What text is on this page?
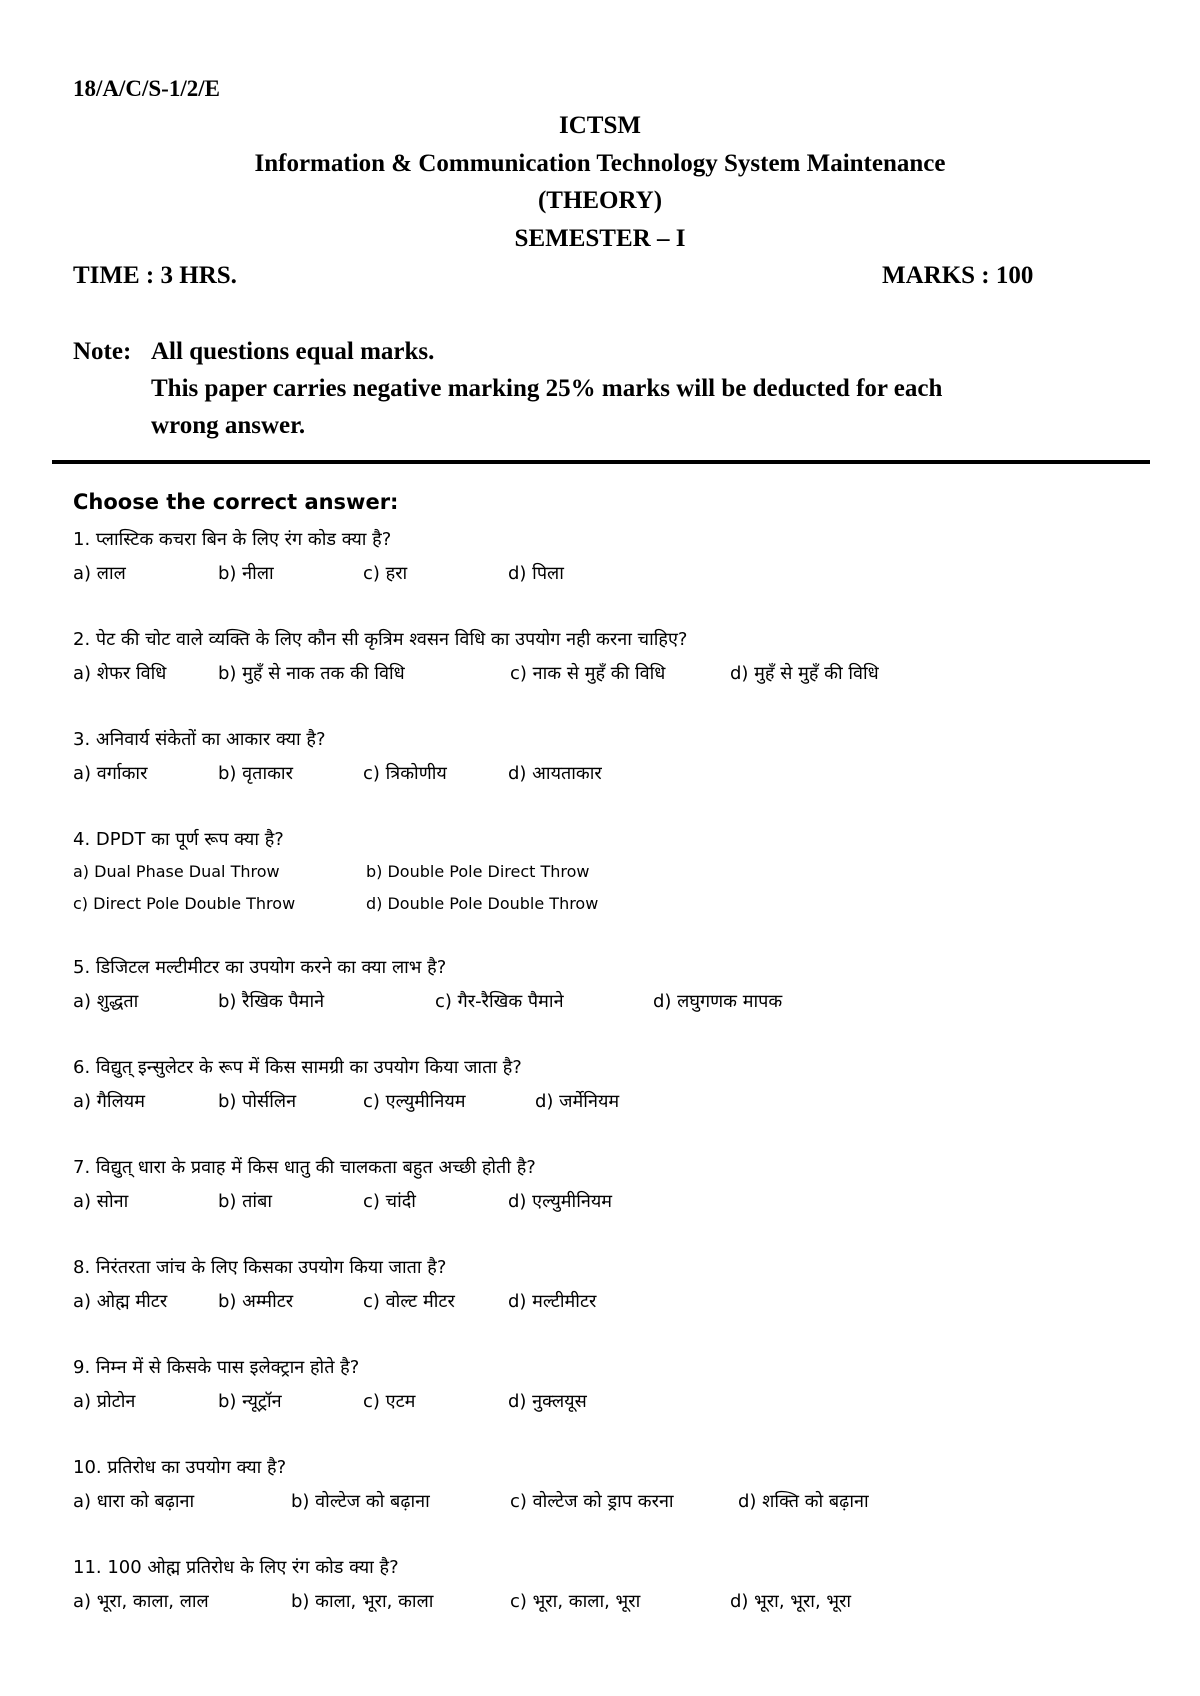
18/A/C/S-1/2/E
ICTSM
Information & Communication Technology System Maintenance
(THEORY)
SEMESTER – I
TIME : 3 HRS.	MARKS : 100
Note: All questions equal marks.
This paper carries negative marking 25% marks will be deducted for each
wrong answer.
Choose the correct answer:
1. प्लास्टिक कचरा बिन के लिए रंग कोड क्या है?
a) लाल	b) नीला	c) हरा	d) पिला
2. पेट की चोट वाले व्यक्ति के लिए कौन सी कृत्रिम श्वसन विधि का उपयोग नही करना चाहिए?
a) शेफर विधि	b) मुहँ से नाक तक की विधि	c) नाक से मुहँ की विधि	d) मुहँ से मुहँ की विधि
3. अनिवार्य संकेतों का आकार क्या है?
a) वर्गाकार	b) वृताकार	c) त्रिकोणीय	d) आयताकार
4. DPDT का पूर्ण रूप क्या है?
a) Dual Phase Dual Throw	b) Double Pole Direct Throw
c) Direct Pole Double Throw	d) Double Pole Double Throw
5. डिजिटल मल्टीमीटर का उपयोग करने का क्या लाभ है?
a) शुद्धता	b) रैखिक पैमाने	c) गैर-रैखिक पैमाने	d) लघुगणक मापक
6. विद्युत् इन्सुलेटर के रूप में किस सामग्री का उपयोग किया जाता है?
a) गैलियम	b) पोर्सलिन	c) एल्युमीनियम	d) जर्मेनियम
7. विद्युत् धारा के प्रवाह में किस धातु की चालकता बहुत अच्छी होती है?
a) सोना	b) तांबा	c) चांदी	d) एल्युमीनियम
8. निरंतरता जांच के लिए किसका उपयोग किया जाता है?
a) ओह्म मीटर	b) अम्मीटर	c) वोल्ट मीटर	d) मल्टीमीटर
9. निम्न में से किसके पास इलेक्ट्रान होते है?
a) प्रोटोन	b) न्यूट्रॉन	c) एटम	d) नुक्लयूस
10. प्रतिरोध का उपयोग क्या है?
a) धारा को बढ़ाना	b) वोल्टेज को बढ़ाना	c) वोल्टेज को ड्राप करना	d) शक्ति को बढ़ाना
11. 100 ओह्म प्रतिरोध के लिए रंग कोड क्या है?
a) भूरा, काला, लाल	b) काला, भूरा, काला	c) भूरा, काला, भूरा	d) भूरा, भूरा, भूरा
